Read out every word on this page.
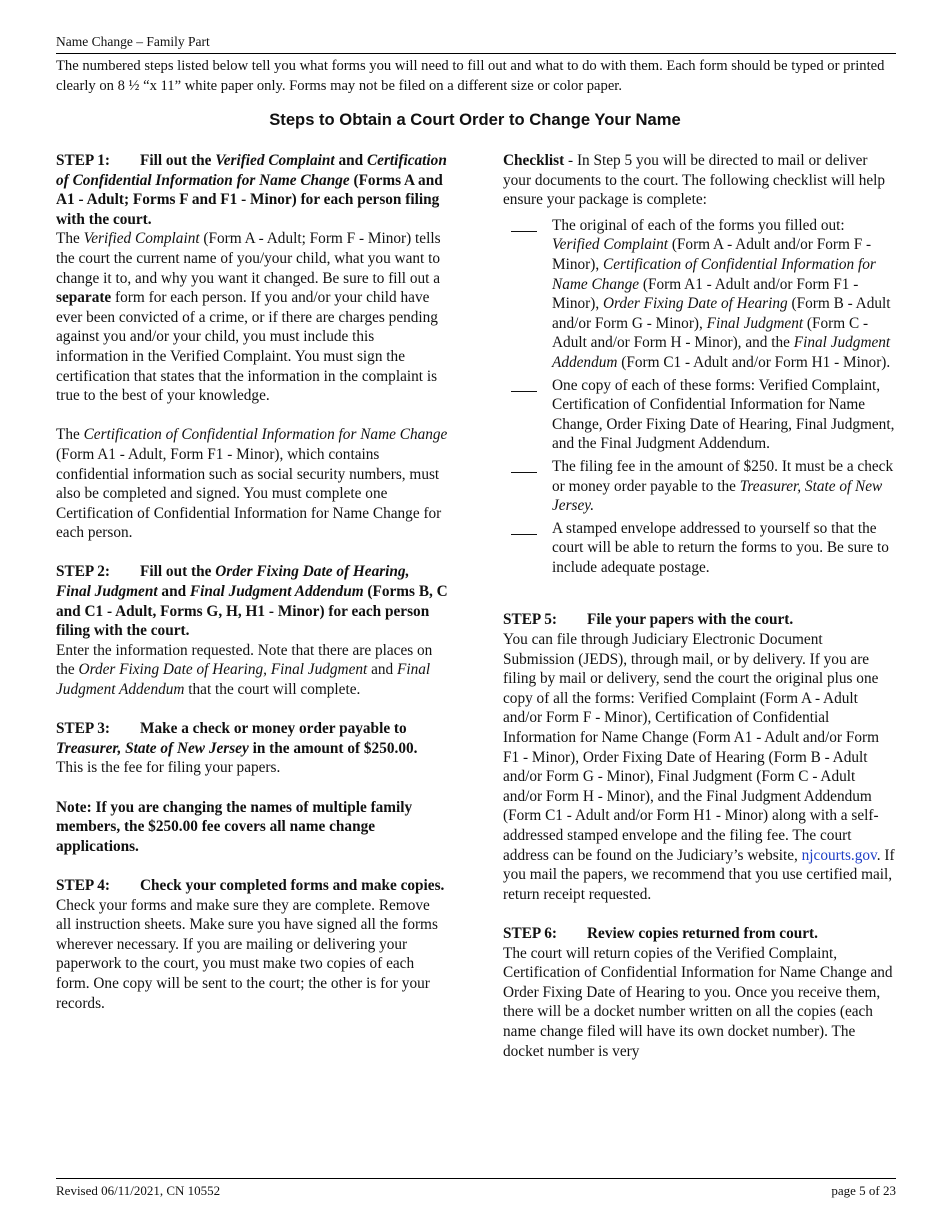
Name Change – Family Part
The numbered steps listed below tell you what forms you will need to fill out and what to do with them. Each form should be typed or printed clearly on 8 ½ “x 11” white paper only. Forms may not be filed on a different size or color paper.
Steps to Obtain a Court Order to Change Your Name

STEP 1: Fill out the Verified Complaint and Certification of Confidential Information for Name Change (Forms A and A1 - Adult; Forms F and F1 - Minor) for each person filing with the court.

The Verified Complaint (Form A - Adult; Form F - Minor) tells the court the current name of you/your child, what you want to change it to, and why you want it changed. Be sure to fill out a separate form for each person. If you and/or your child have ever been convicted of a crime, or if there are charges pending against you and/or your child, you must include this information in the Verified Complaint. You must sign the certification that states that the information in the complaint is true to the best of your knowledge.

The Certification of Confidential Information for Name Change (Form A1 - Adult, Form F1 - Minor), which contains confidential information such as social security numbers, must also be completed and signed. You must complete one Certification of Confidential Information for Name Change for each person.

STEP 2: Fill out the Order Fixing Date of Hearing, Final Judgment and Final Judgment Addendum (Forms B, C and C1 - Adult, Forms G, H, H1 - Minor) for each person filing with the court.

Enter the information requested. Note that there are places on the Order Fixing Date of Hearing, Final Judgment and Final Judgment Addendum that the court will complete.

STEP 3: Make a check or money order payable to Treasurer, State of New Jersey in the amount of $250.00.

This is the fee for filing your papers.

Note: If you are changing the names of multiple family members, the $250.00 fee covers all name change applications.

STEP 4: Check your completed forms and make copies.

Check your forms and make sure they are complete. Remove all instruction sheets. Make sure you have signed all the forms wherever necessary. If you are mailing or delivering your paperwork to the court, you must make two copies of each form. One copy will be sent to the court; the other is for your records.

Checklist - In Step 5 you will be directed to mail or deliver your documents to the court. The following checklist will help ensure your package is complete:

The original of each of the forms you filled out: Verified Complaint (Form A - Adult and/or Form F - Minor), Certification of Confidential Information for Name Change (Form A1 - Adult and/or Form F1 - Minor), Order Fixing Date of Hearing (Form B - Adult and/or Form G - Minor), Final Judgment (Form C - Adult and/or Form H - Minor), and the Final Judgment Addendum (Form C1 - Adult and/or Form H1 - Minor).
One copy of each of these forms: Verified Complaint, Certification of Confidential Information for Name Change, Order Fixing Date of Hearing, Final Judgment, and the Final Judgment Addendum.
The filing fee in the amount of $250. It must be a check or money order payable to the Treasurer, State of New Jersey.
A stamped envelope addressed to yourself so that the court will be able to return the forms to you. Be sure to include adequate postage.

STEP 5: File your papers with the court.

You can file through Judiciary Electronic Document Submission (JEDS), through mail, or by delivery. If you are filing by mail or delivery, send the court the original plus one copy of all the forms: Verified Complaint (Form A - Adult and/or Form F - Minor), Certification of Confidential Information for Name Change (Form A1 - Adult and/or Form F1 - Minor), Order Fixing Date of Hearing (Form B - Adult and/or Form G - Minor), Final Judgment (Form C - Adult and/or Form H - Minor), and the Final Judgment Addendum (Form C1 - Adult and/or Form H1 - Minor) along with a self-addressed stamped envelope and the filing fee. The court address can be found on the Judiciary’s website, njcourts.gov. If you mail the papers, we recommend that you use certified mail, return receipt requested.

STEP 6: Review copies returned from court.

The court will return copies of the Verified Complaint, Certification of Confidential Information for Name Change and Order Fixing Date of Hearing to you. Once you receive them, there will be a docket number written on all the copies (each name change filed will have its own docket number). The docket number is very

Revised 06/11/2021, CN 10552	page 5 of 23
